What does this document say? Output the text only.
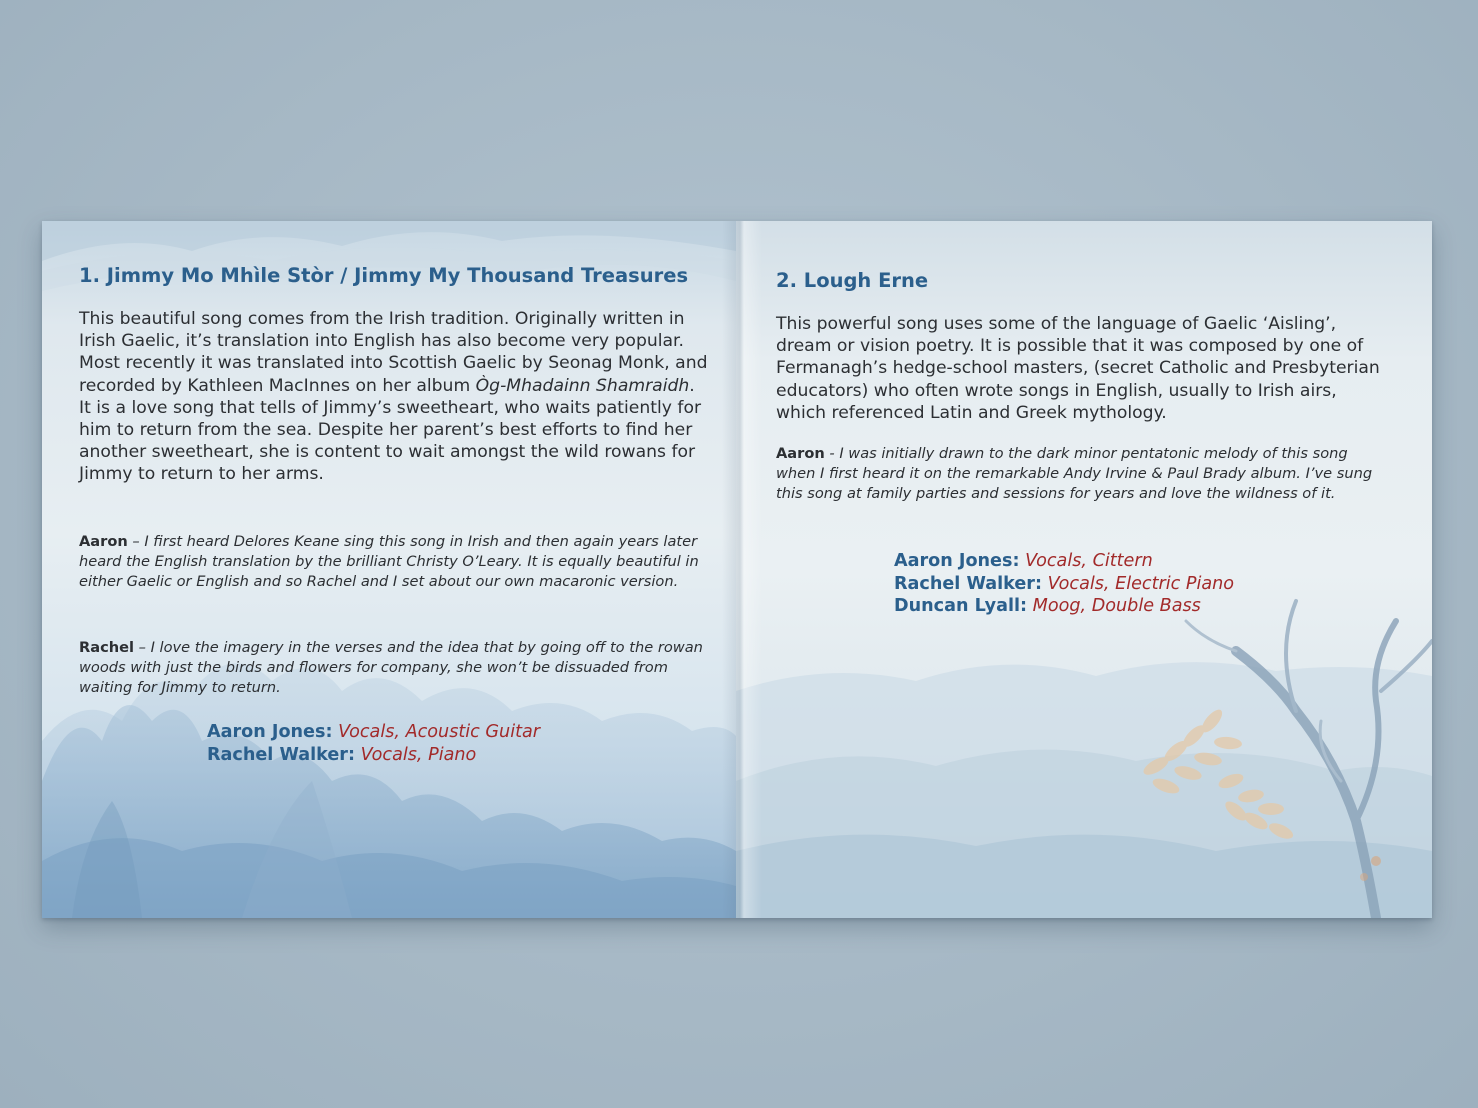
1. Jimmy Mo Mhìle Stòr / Jimmy My Thousand Treasures
This beautiful song comes from the Irish tradition. Originally written in Irish Gaelic, it’s translation into English has also become very popular. Most recently it was translated into Scottish Gaelic by Seonag Monk, and recorded by Kathleen MacInnes on her album Òg-Mhadainn Shamraidh. It is a love song that tells of Jimmy’s sweetheart, who waits patiently for him to return from the sea. Despite her parent’s best efforts to find her another sweetheart, she is content to wait amongst the wild rowans for Jimmy to return to her arms.
Aaron – I first heard Delores Keane sing this song in Irish and then again years later heard the English translation by the brilliant Christy O’Leary. It is equally beautiful in either Gaelic or English and so Rachel and I set about our own macaronic version.
Rachel – I love the imagery in the verses and the idea that by going off to the rowan woods with just the birds and flowers for company, she won’t be dissuaded from waiting for Jimmy to return.
Aaron Jones: Vocals, Acoustic Guitar
Rachel Walker: Vocals, Piano
2. Lough Erne
This powerful song uses some of the language of Gaelic ‘Aisling’, dream or vision poetry. It is possible that it was composed by one of Fermanagh’s hedge-school masters, (secret Catholic and Presbyterian educators) who often wrote songs in English, usually to Irish airs, which referenced Latin and Greek mythology.
Aaron - I was initially drawn to the dark minor pentatonic melody of this song when I first heard it on the remarkable Andy Irvine & Paul Brady album. I’ve sung this song at family parties and sessions for years and love the wildness of it.
Aaron Jones: Vocals, Cittern
Rachel Walker: Vocals, Electric Piano
Duncan Lyall: Moog, Double Bass
